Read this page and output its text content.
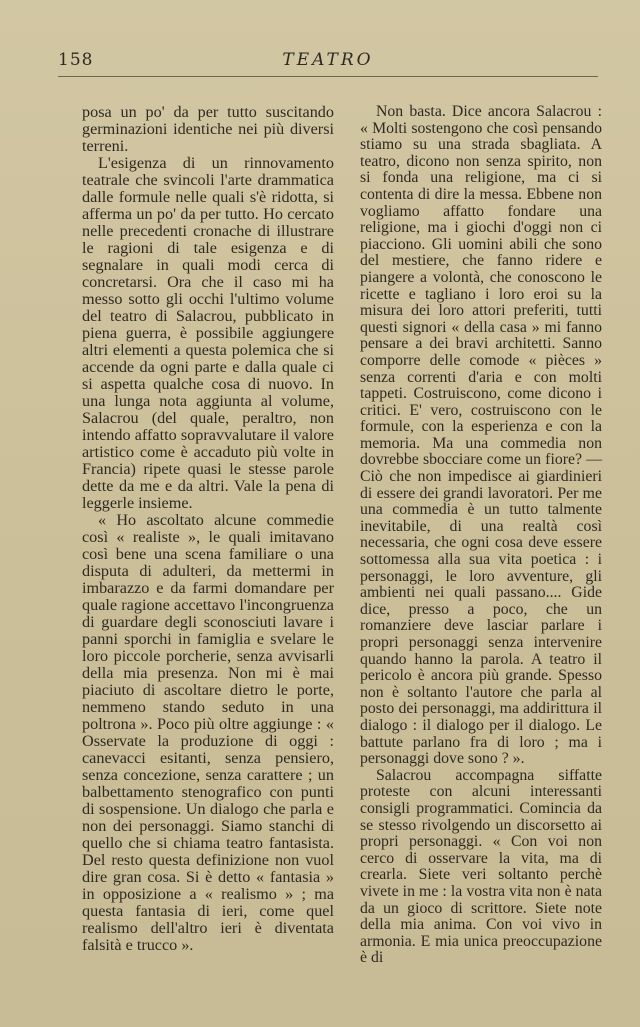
158	TEATRO

posa un po' da per tutto suscitando germinazioni identiche nei più diversi terreni.

L'esigenza di un rinnovamento teatrale che svincoli l'arte drammatica dalle formule nelle quali s'è ridotta, si afferma un po' da per tutto. Ho cercato nelle precedenti cronache di illustrare le ragioni di tale esigenza e di segnalare in quali modi cerca di concretarsi. Ora che il caso mi ha messo sotto gli occhi l'ultimo volume del teatro di Salacrou, pubblicato in piena guerra, è possibile aggiungere altri elementi a questa polemica che si accende da ogni parte e dalla quale ci si aspetta qualche cosa di nuovo. In una lunga nota aggiunta al volume, Salacrou (del quale, peraltro, non intendo affatto sopravvalutare il valore artistico come è accaduto più volte in Francia) ripete quasi le stesse parole dette da me e da altri. Vale la pena di leggerle insieme.

« Ho ascoltato alcune commedie così « realiste », le quali imitavano così bene una scena familiare o una disputa di adulteri, da mettermi in imbarazzo e da farmi domandare per quale ragione accettavo l'incongruenza di guardare degli sconosciuti lavare i panni sporchi in famiglia e svelare le loro piccole porcherie, senza avvisarli della mia presenza. Non mi è mai piaciuto di ascoltare dietro le porte, nemmeno stando seduto in una poltrona ». Poco più oltre aggiunge : « Osservate la produzione di oggi : canevacci esitanti, senza pensiero, senza concezione, senza carattere ; un balbettamento stenografico con punti di sospensione. Un dialogo che parla e non dei personaggi. Siamo stanchi di quello che si chiama teatro fantasista. Del resto questa definizione non vuol dire gran cosa. Si è detto « fantasia » in opposizione a « realismo » ; ma questa fantasia di ieri, come quel realismo dell'altro ieri è diventata falsità e trucco ».

Non basta. Dice ancora Salacrou : « Molti sostengono che così pensando stiamo su una strada sbagliata. A teatro, dicono non senza spirito, non si fonda una religione, ma ci si contenta di dire la messa. Ebbene non vogliamo affatto fondare una religione, ma i giochi d'oggi non ci piacciono. Gli uomini abili che sono del mestiere, che fanno ridere e piangere a volontà, che conoscono le ricette e tagliano i loro eroi su la misura dei loro attori preferiti, tutti questi signori « della casa » mi fanno pensare a dei bravi architetti. Sanno comporre delle comode « pièces » senza correnti d'aria e con molti tappeti. Costruiscono, come dicono i critici. E' vero, costruiscono con le formule, con la esperienza e con la memoria. Ma una commedia non dovrebbe sbocciare come un fiore? — Ciò che non impedisce ai giardinieri di essere dei grandi lavoratori. Per me una commedia è un tutto talmente inevitabile, di una realtà così necessaria, che ogni cosa deve essere sottomessa alla sua vita poetica : i personaggi, le loro avventure, gli ambienti nei quali passano.... Gide dice, presso a poco, che un romanziere deve lasciar parlare i propri personaggi senza intervenire quando hanno la parola. A teatro il pericolo è ancora più grande. Spesso non è soltanto l'autore che parla al posto dei personaggi, ma addirittura il dialogo : il dialogo per il dialogo. Le battute parlano fra di loro ; ma i personaggi dove sono ? ».

Salacrou accompagna siffatte proteste con alcuni interessanti consigli programmatici. Comincia da se stesso rivolgendo un discorsetto ai propri personaggi. « Con voi non cerco di osservare la vita, ma di crearla. Siete veri soltanto perchè vivete in me : la vostra vita non è nata da un gioco di scrittore. Siete note della mia anima. Con voi vivo in armonia. E mia unica preoccupazione è di
